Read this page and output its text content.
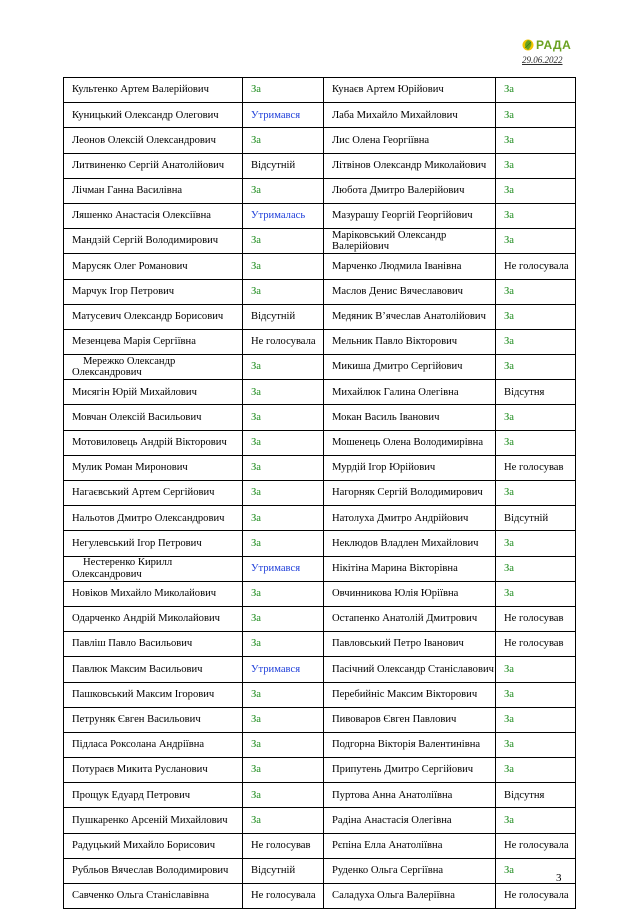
РАДА
29.06.2022
Культенко Артем Валерійович	За	Кунаєв Артем Юрійович	За
Куницький Олександр Олегович	Утримався	Лаба Михайло Михайлович	За
Леонов Олексій Олександрович	За	Лис Олена Георгіївна	За
Литвиненко Сергій Анатолійович	Відсутній	Літвінов Олександр Миколайович	За
Лічман Ганна Василівна	За	Любота Дмитро Валерійович	За
Ляшенко Анастасія Олексіївна	Утрималась	Мазурашу Георгій Георгійович	За
Мандзій Сергій Володимирович	За	Маріковський Олександр Валерійович	За
Марусяк Олег Романович	За	Марченко Людмила Іванівна	Не голосувала
Марчук Ігор Петрович	За	Маслов Денис Вячеславович	За
Матусевич Олександр Борисович	Відсутній	Медяник В’ячеслав Анатолійович	За
Мезенцева Марія Сергіївна	Не голосувала	Мельник Павло Вікторович	За
Мережко Олександр Олександрович	За	Микиша Дмитро Сергійович	За
Мисягін Юрій Михайлович	За	Михайлюк Галина Олегівна	Відсутня
Мовчан Олексій Васильович	За	Мокан Василь Іванович	За
Мотовиловець Андрій Вікторович	За	Мошенець Олена Володимирівна	За
Мулик Роман Миронович	За	Мурдій Ігор Юрійович	Не голосував
Нагаєвський Артем Сергійович	За	Нагорняк Сергій Володимирович	За
Нальотов Дмитро Олександрович	За	Натолуха Дмитро Андрійович	Відсутній
Негулевський Ігор Петрович	За	Неклюдов Владлен Михайлович	За
Нестеренко Кирилл Олександрович	Утримався	Нікітіна Марина Вікторівна	За
Новіков Михайло Миколайович	За	Овчинникова Юлія Юріївна	За
Одарченко Андрій Миколайович	За	Остапенко Анатолій Дмитрович	Не голосував
Павліш Павло Васильович	За	Павловський Петро Іванович	Не голосував
Павлюк Максим Васильович	Утримався	Пасічний Олександр Станіславович	За
Пашковський Максим Ігорович	За	Перебийніс Максим Вікторович	За
Петруняк Євген Васильович	За	Пивоваров Євген Павлович	За
Підласа Роксолана Андріївна	За	Подгорна Вікторія Валентинівна	За
Потураєв Микита Русланович	За	Припутень Дмитро Сергійович	За
Прощук Едуард Петрович	За	Пуртова Анна Анатоліївна	Відсутня
Пушкаренко Арсеній Михайлович	За	Радіна Анастасія Олегівна	За
Радуцький Михайло Борисович	Не голосував	Рєпіна Елла Анатоліївна	Не голосувала
Рубльов Вячеслав Володимирович	Відсутній	Руденко Ольга Сергіївна	За
Савченко Ольга Станіславівна	Не голосувала	Саладуха Ольга Валеріївна	Не голосувала
3
